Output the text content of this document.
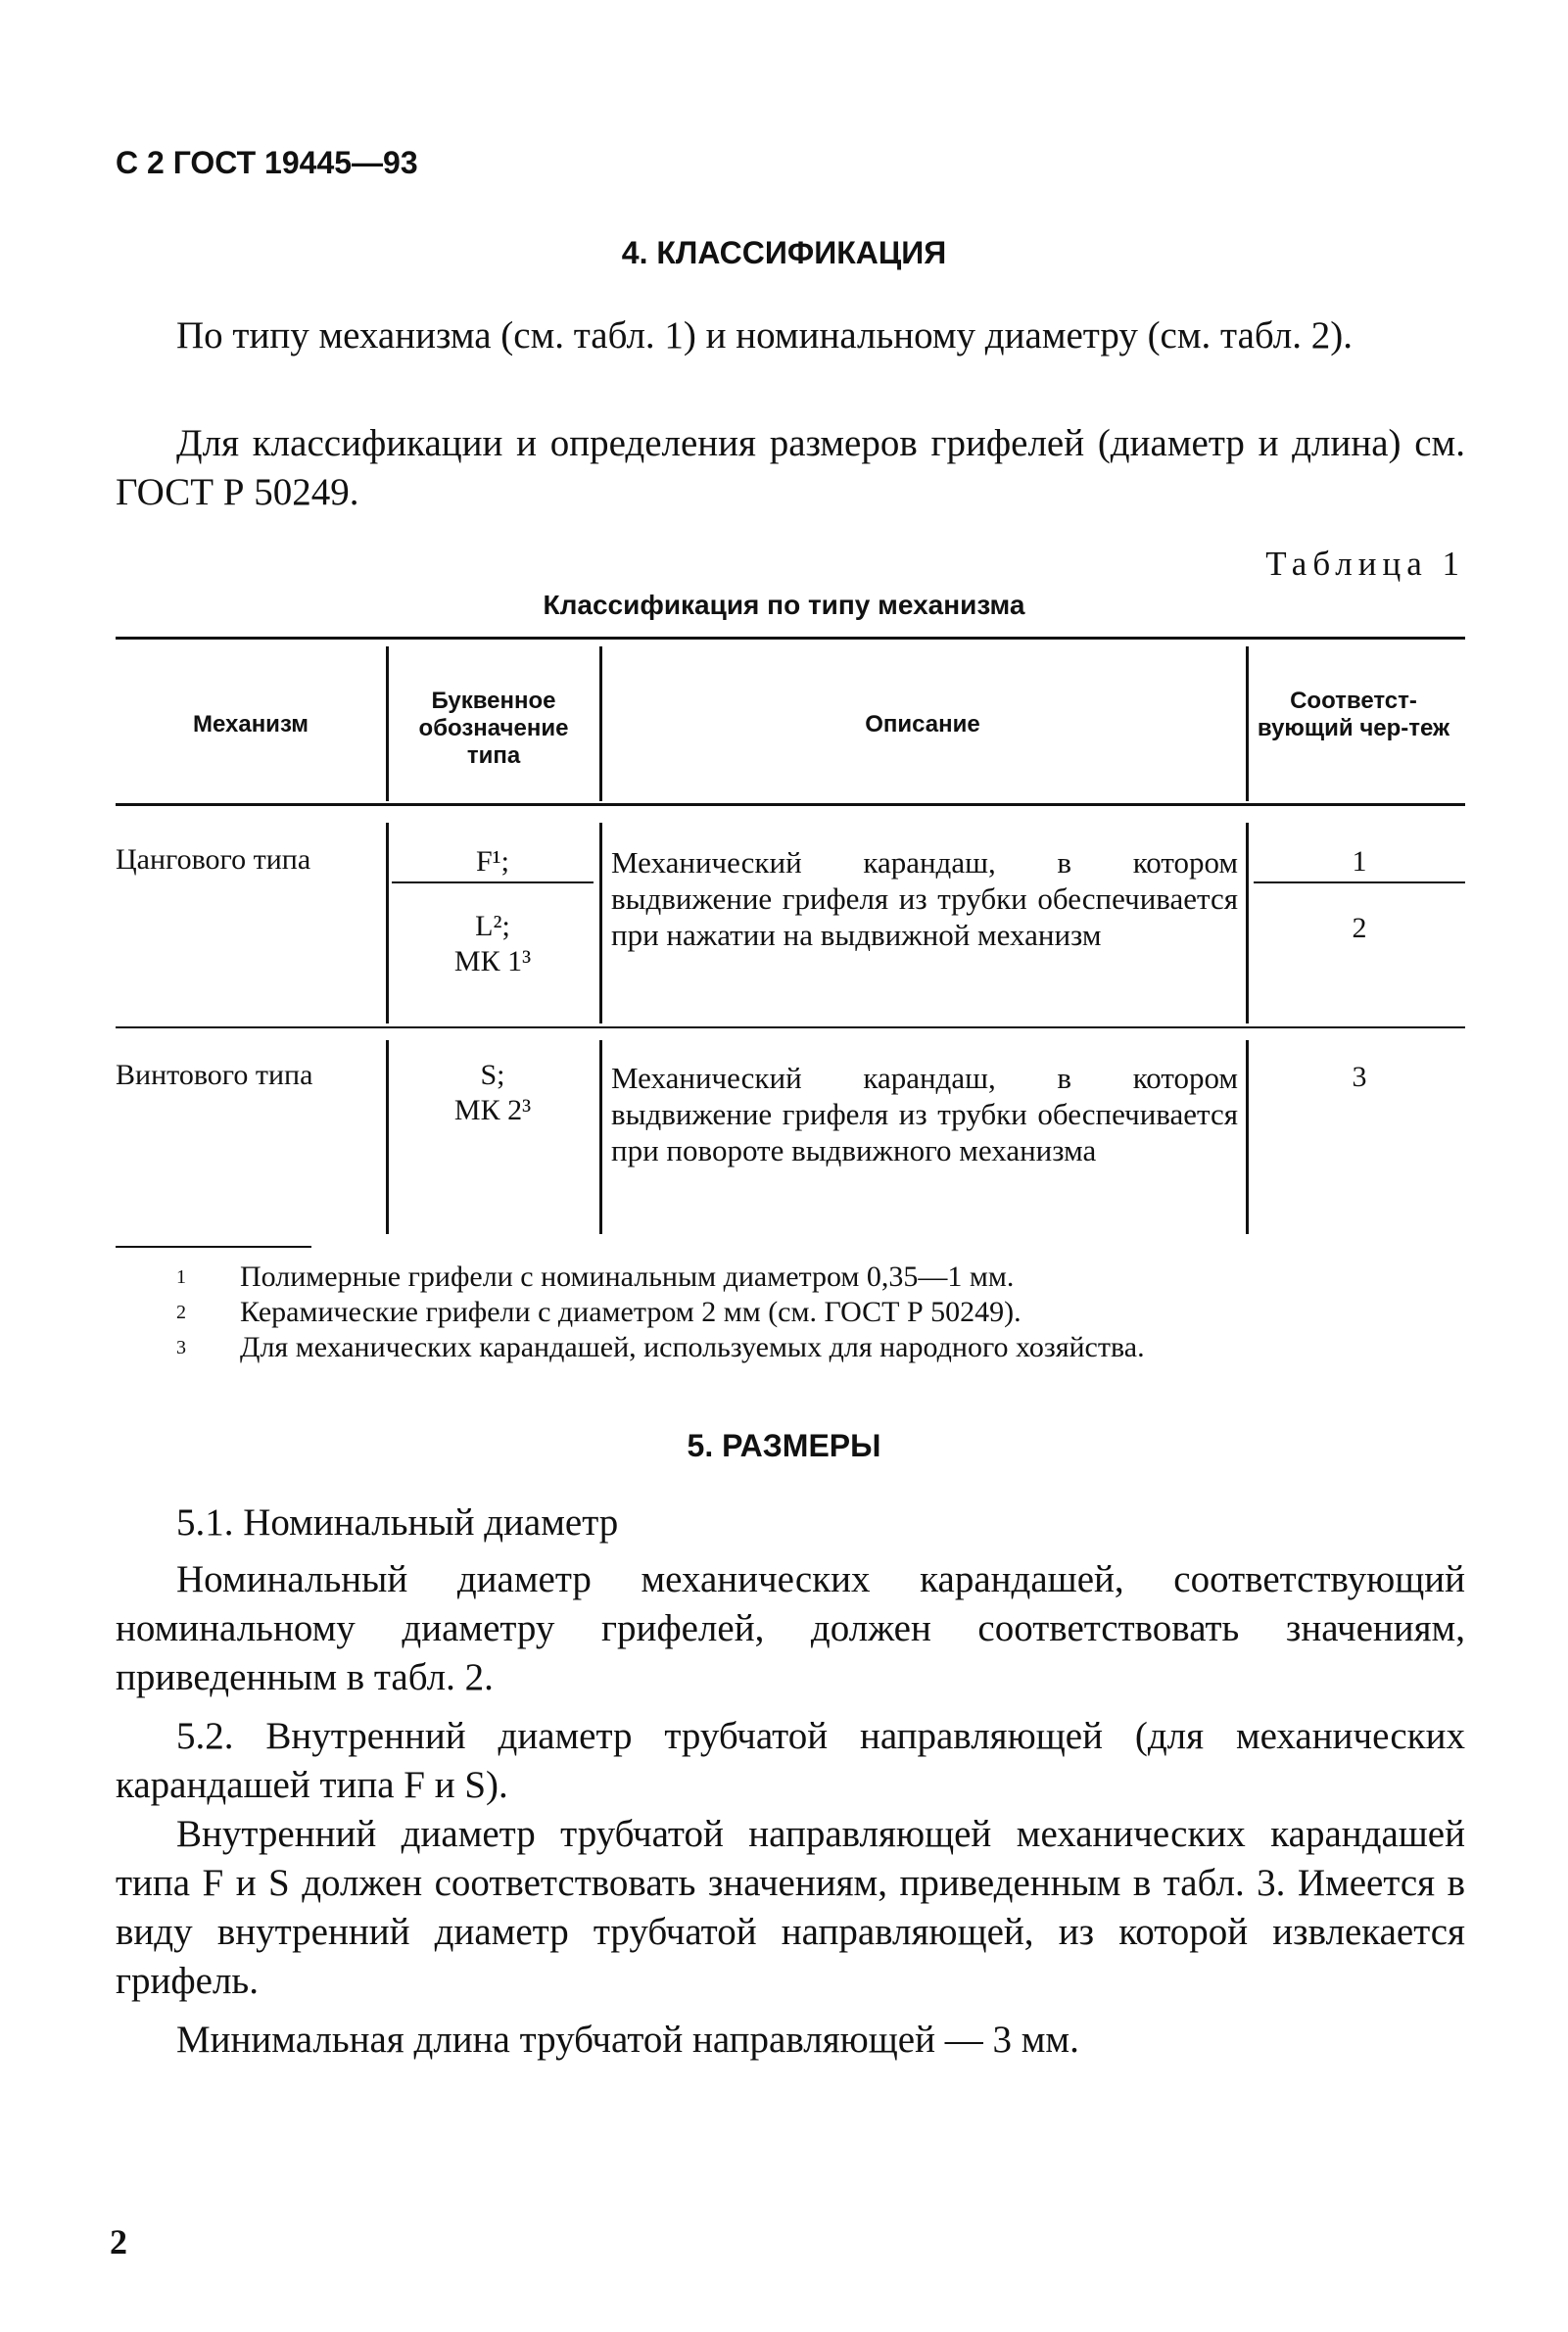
С 2 ГОСТ 19445—93
4. КЛАССИФИКАЦИЯ
По типу механизма (см. табл. 1) и номинальному диаметру (см. табл. 2).
Для классификации и определения размеров грифелей (диаметр и длина) см. ГОСТ Р 50249.
Таблица 1
Классификация по типу механизма
Механизм
Буквенное обозначение типа
Описание
Соответст-вующий чер-теж
Цангового типа	F¹;
L²;
МК 1³
Механический карандаш, в котором выдвижение грифеля из трубки обеспечивается при нажатии на выдвижной механизм
1
2
Винтового типа	S;
МК 2³
Механический карандаш, в котором выдвижение грифеля из трубки обеспечивается при повороте выдвижного механизма
3
1 Полимерные грифели с номинальным диаметром 0,35—1 мм.
2 Керамические грифели с диаметром 2 мм (см. ГОСТ Р 50249).
3 Для механических карандашей, используемых для народного хозяйства.
5. РАЗМЕРЫ
5.1. Номинальный диаметр
Номинальный диаметр механических карандашей, соответствующий номинальному диаметру грифелей, должен соответствовать значениям, приведенным в табл. 2.
5.2. Внутренний диаметр трубчатой направляющей (для механических карандашей типа F и S).
Внутренний диаметр трубчатой направляющей механических карандашей типа F и S должен соответствовать значениям, приведенным в табл. 3. Имеется в виду внутренний диаметр трубчатой направляющей, из которой извлекается грифель.
Минимальная длина трубчатой направляющей — 3 мм.
2
